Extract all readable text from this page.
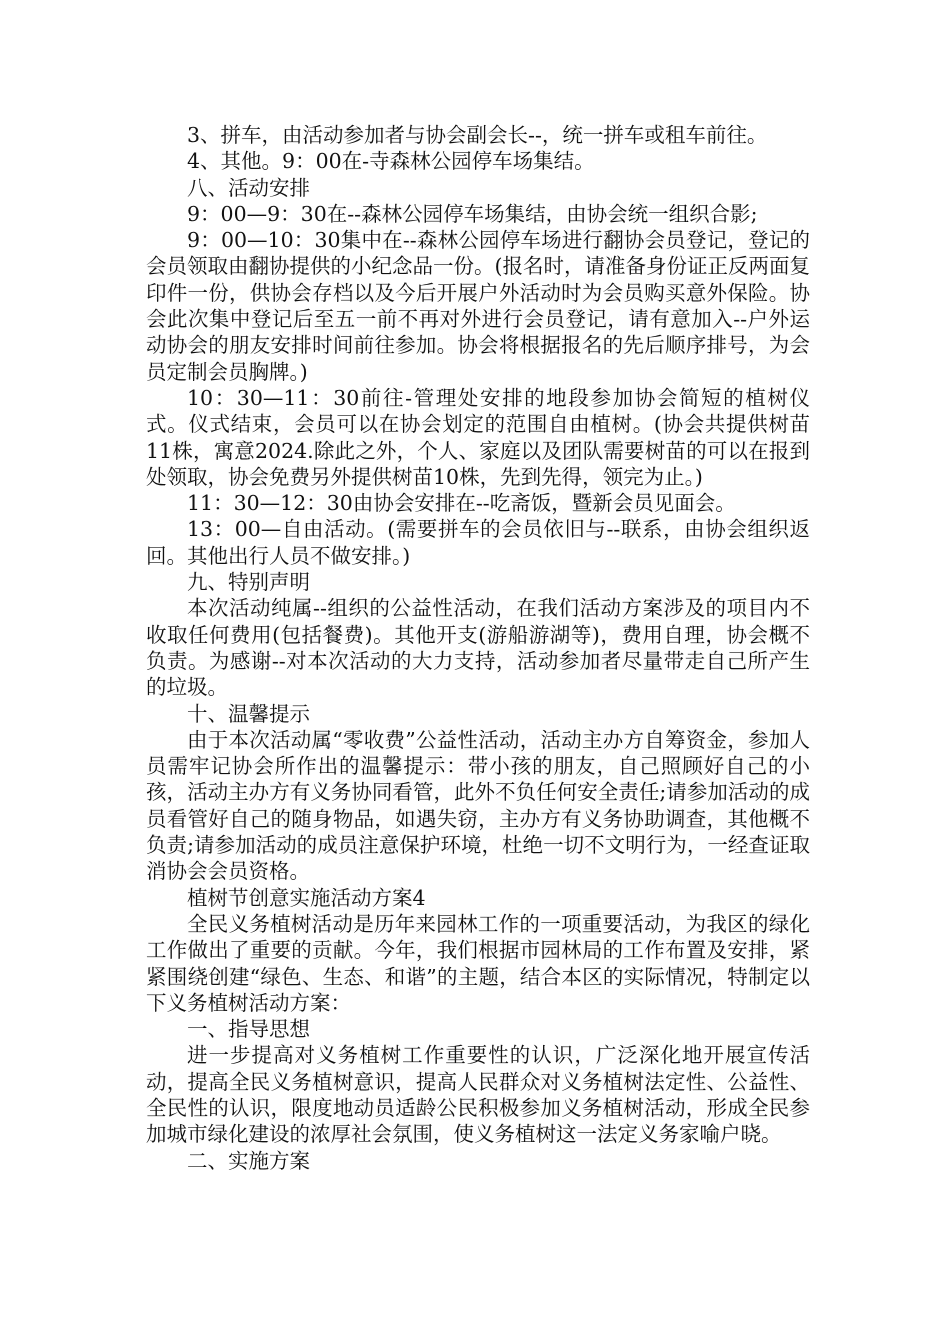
3、拼车，由活动参加者与协会副会长--，统一拼车或租车前往。

4、其他。9：00在-寺森林公园停车场集结。

八、活动安排

9：00—9：30在--森林公园停车场集结，由协会统一组织合影;

9：00—10：30集中在--森林公园停车场进行翻协会员登记，登记的会员领取由翻协提供的小纪念品一份。(报名时，请准备身份证正反两面复印件一份，供协会存档以及今后开展户外活动时为会员购买意外保险。协会此次集中登记后至五一前不再对外进行会员登记，请有意加入--户外运动协会的朋友安排时间前往参加。协会将根据报名的先后顺序排号，为会员定制会员胸牌。)

10：30—11：30前往-管理处安排的地段参加协会简短的植树仪式。仪式结束，会员可以在协会划定的范围自由植树。(协会共提供树苗11株，寓意2024.除此之外，个人、家庭以及团队需要树苗的可以在报到处领取，协会免费另外提供树苗10株，先到先得，领完为止。)

11：30—12：30由协会安排在--吃斋饭，暨新会员见面会。

13：00—自由活动。(需要拼车的会员依旧与--联系，由协会组织返回。其他出行人员不做安排。)

九、特别声明

本次活动纯属--组织的公益性活动，在我们活动方案涉及的项目内不收取任何费用(包括餐费)。其他开支(游船游湖等)，费用自理，协会概不负责。为感谢--对本次活动的大力支持，活动参加者尽量带走自己所产生的垃圾。

十、温馨提示

由于本次活动属“零收费”公益性活动，活动主办方自筹资金，参加人员需牢记协会所作出的温馨提示：带小孩的朋友，自己照顾好自己的小孩，活动主办方有义务协同看管，此外不负任何安全责任;请参加活动的成员看管好自己的随身物品，如遇失窃，主办方有义务协助调查，其他概不负责;请参加活动的成员注意保护环境，杜绝一切不文明行为，一经查证取消协会会员资格。

植树节创意实施活动方案4

全民义务植树活动是历年来园林工作的一项重要活动，为我区的绿化工作做出了重要的贡献。今年，我们根据市园林局的工作布置及安排，紧紧围绕创建“绿色、生态、和谐”的主题，结合本区的实际情况，特制定以下义务植树活动方案：

一、指导思想

进一步提高对义务植树工作重要性的认识，广泛深化地开展宣传活动，提高全民义务植树意识，提高人民群众对义务植树法定性、公益性、全民性的认识，限度地动员适龄公民积极参加义务植树活动，形成全民参加城市绿化建设的浓厚社会氛围，使义务植树这一法定义务家喻户晓。

二、实施方案
